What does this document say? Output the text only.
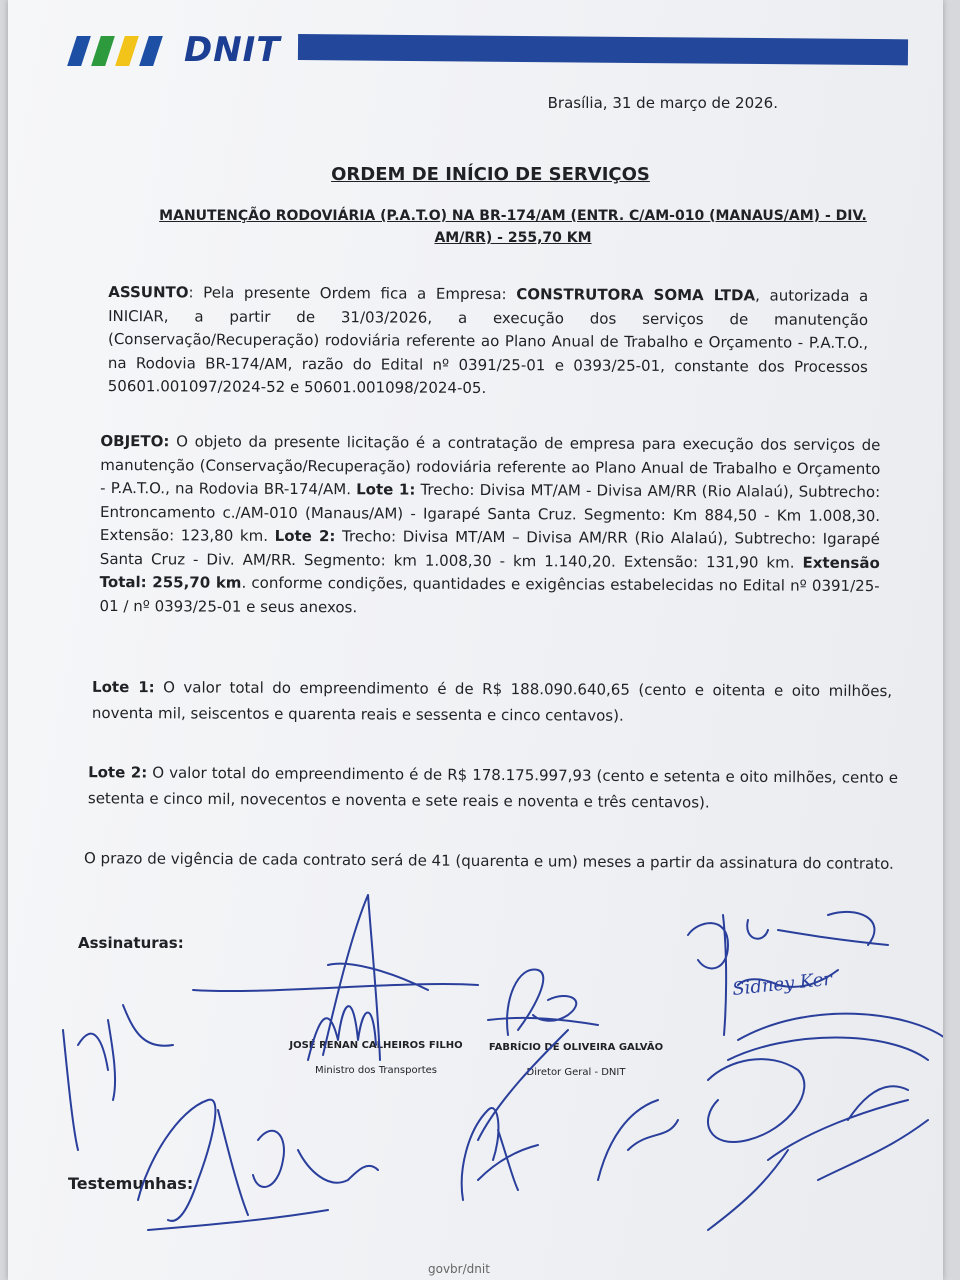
DNIT
Brasília, 31 de março de 2026.
ORDEM DE INÍCIO DE SERVIÇOS
MANUTENÇÃO RODOVIÁRIA (P.A.T.O) NA BR-174/AM (ENTR. C/AM-010 (MANAUS/AM) - DIV. AM/RR) - 255,70 KM
ASSUNTO: Pela presente Ordem fica a Empresa: CONSTRUTORA SOMA LTDA, autorizada a INICIAR, a partir de 31/03/2026, a execução dos serviços de manutenção (Conservação/Recuperação) rodoviária referente ao Plano Anual de Trabalho e Orçamento - P.A.T.O., na Rodovia BR-174/AM, razão do Edital nº 0391/25-01 e 0393/25-01, constante dos Processos 50601.001097/2024-52 e 50601.001098/2024-05.
OBJETO: O objeto da presente licitação é a contratação de empresa para execução dos serviços de manutenção (Conservação/Recuperação) rodoviária referente ao Plano Anual de Trabalho e Orçamento - P.A.T.O., na Rodovia BR-174/AM. Lote 1: Trecho: Divisa MT/AM - Divisa AM/RR (Rio Alalaú), Subtrecho: Entroncamento c./AM-010 (Manaus/AM) - Igarapé Santa Cruz. Segmento: Km 884,50 - Km 1.008,30. Extensão: 123,80 km. Lote 2: Trecho: Divisa MT/AM – Divisa AM/RR (Rio Alalaú), Subtrecho: Igarapé Santa Cruz - Div. AM/RR. Segmento: km 1.008,30 - km 1.140,20. Extensão: 131,90 km. Extensão Total: 255,70 km. conforme condições, quantidades e exigências estabelecidas no Edital nº 0391/25-01 / nº 0393/25-01 e seus anexos.
Lote 1: O valor total do empreendimento é de R$ 188.090.640,65 (cento e oitenta e oito milhões, noventa mil, seiscentos e quarenta reais e sessenta e cinco centavos).
Lote 2: O valor total do empreendimento é de R$ 178.175.997,93 (cento e setenta e oito milhões, cento e setenta e cinco mil, novecentos e noventa e sete reais e noventa e três centavos).
O prazo de vigência de cada contrato será de 41 (quarenta e um) meses a partir da assinatura do contrato.
Assinaturas:
JOSÉ RENAN CALHEIROS FILHO
Ministro dos Transportes
FABRÍCIO DE OLIVEIRA GALVÃO
Diretor Geral - DNIT
Testemunhas:
Sidney Ker
govbr/dnit
